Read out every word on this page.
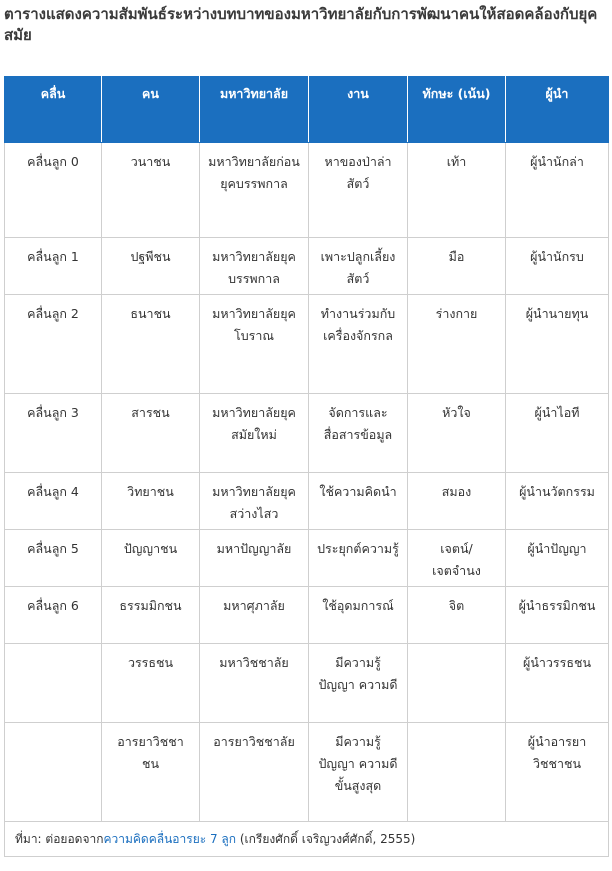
ตารางแสดงความสัมพันธ์ระหว่างบทบาทของมหาวิทยาลัยกับการพัฒนาคนให้สอดคล้องกับยุคสมัย
คลื่น	คน	มหาวิทยาลัย	งาน	ทักษะ (เน้น)	ผู้นำ
คลื่นลูก 0	วนาชน	มหาวิทยาลัยก่อนยุคบรรพกาล	หาของป่าล่าสัตว์	เท้า	ผู้นำนักล่า
คลื่นลูก 1	ปฐพีชน	มหาวิทยาลัยยุคบรรพกาล	เพาะปลูกเลี้ยงสัตว์	มือ	ผู้นำนักรบ
คลื่นลูก 2	ธนาชน	มหาวิทยาลัยยุคโบราณ	ทำงานร่วมกับเครื่องจักรกล	ร่างกาย	ผู้นำนายทุน
คลื่นลูก 3	สารชน	มหาวิทยาลัยยุคสมัยใหม่	จัดการและสื่อสารข้อมูล	หัวใจ	ผู้นำไอที
คลื่นลูก 4	วิทยาชน	มหาวิทยาลัยยุคสว่างไสว	ใช้ความคิดนำ	สมอง	ผู้นำนวัตกรรม
คลื่นลูก 5	ปัญญาชน	มหาปัญญาลัย	ประยุกต์ความรู้	เจตน์/เจตจำนง	ผู้นำปัญญา
คลื่นลูก 6	ธรรมมิกชน	มหาศุภาลัย	ใช้อุดมการณ์	จิต	ผู้นำธรรมิกชน
	วรรธชน	มหาวิชชาลัย	มีความรู้ ปัญญา ความดี		ผู้นำวรรธชน
	อารยาวิชชาชน	อารยาวิชชาลัย	มีความรู้ ปัญญา ความดี ขั้นสูงสุด		ผู้นำอารยาวิชชาชน
ที่มา: ต่อยอดจากความคิดคลื่นอารยะ 7 ลูก (เกรียงศักดิ์ เจริญวงศ์ศักดิ์, 2555)					
